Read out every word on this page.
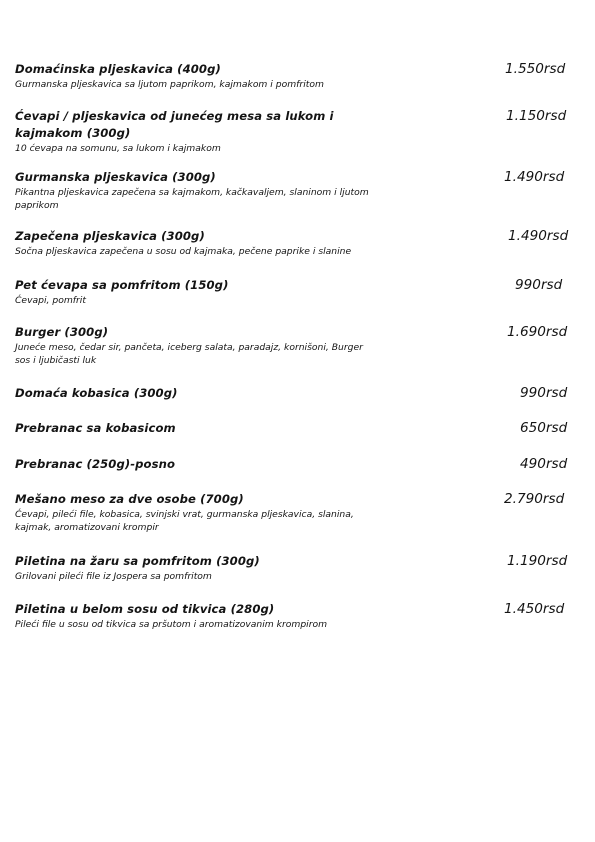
Domaćinska pljeskavica (400g)
Gurmanska pljeskavica sa ljutom paprikom, kajmakom i pomfritom
1.550rsd
Ćevapi / pljeskavica od junećeg mesa sa lukom i kajmakom (300g)
10 ćevapa na somunu, sa lukom i kajmakom
1.150rsd
Gurmanska pljeskavica (300g)
Pikantna pljeskavica zapečena sa kajmakom, kačkavaljem, slaninom i ljutom paprikom
1.490rsd
Zapečena pljeskavica (300g)
Sočna pljeskavica zapečena u sosu od kajmaka, pečene paprike i slanine
1.490rsd
Pet ćevapa sa pomfritom (150g)
Ćevapi, pomfrit
990rsd
Burger (300g)
Juneće meso, čedar sir, pančeta, iceberg salata, paradajz, kornišoni, Burger sos i ljubičasti luk
1.690rsd
Domaća kobasica (300g)	990rsd
Prebranac sa kobasicom	650rsd
Prebranac (250g)-posno	490rsd
Mešano meso za dve osobe (700g)
Ćevapi, pileći file, kobasica, svinjski vrat, gurmanska pljeskavica, slanina, kajmak, aromatizovani krompir
2.790rsd
Piletina na žaru sa pomfritom (300g)
Grilovani pileći file iz Jospera sa pomfritom
1.190rsd
Piletina u belom sosu od tikvica (280g)
Pileći file u sosu od tikvica sa pršutom i aromatizovanim krompirom
1.450rsd
